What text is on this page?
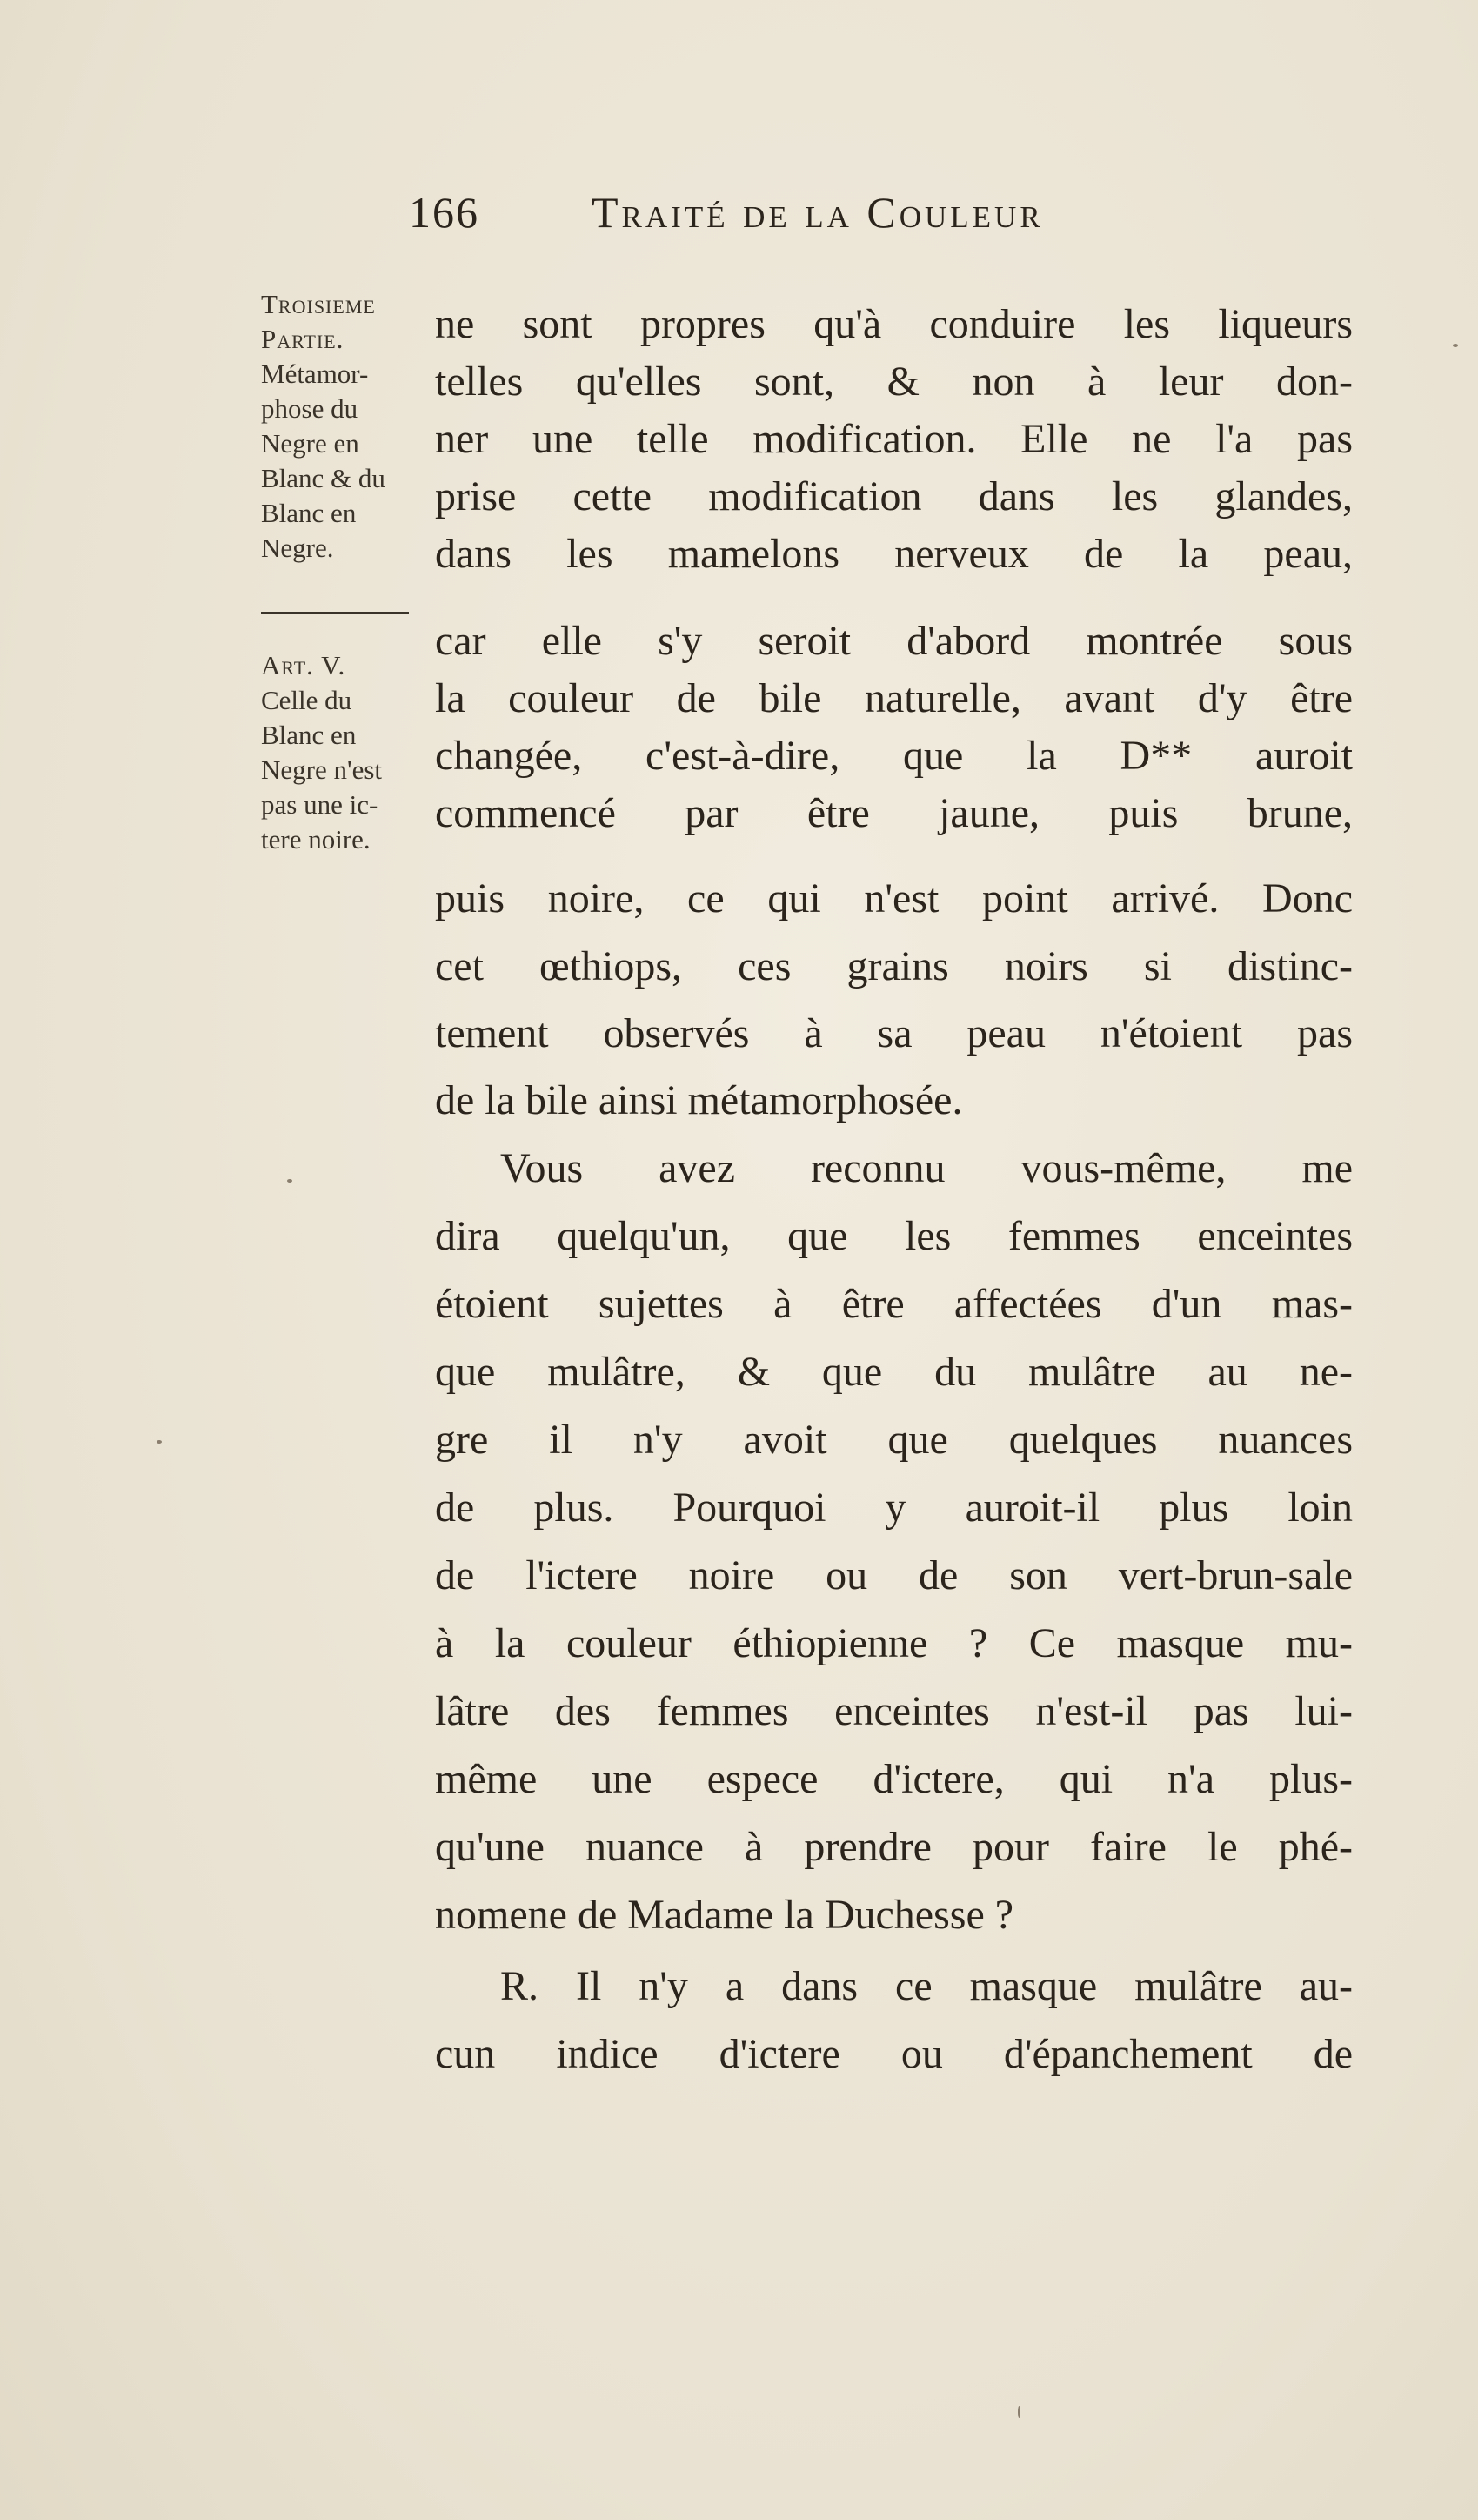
166	Traité de la Couleur
Troisieme
Partie.
Métamor-
phose du
Negre en
Blanc & du
Blanc en
Negre.
Art. V.
Celle du
Blanc en
Negre n'est
pas une ic-
tere noire.
ne sont propres qu'à conduire les liqueurs
telles qu'elles sont, & non à leur don-
ner une telle modification. Elle ne l'a pas
prise cette modification dans les glandes,
dans les mamelons nerveux de la peau,
car elle s'y seroit d'abord montrée sous
la couleur de bile naturelle, avant d'y être
changée, c'est-à-dire, que la D** auroit
commencé par être jaune, puis brune,
puis noire, ce qui n'est point arrivé. Donc
cet œthiops, ces grains noirs si distinc-
tement observés à sa peau n'étoient pas
de la bile ainsi métamorphosée.
Vous avez reconnu vous-même, me
dira quelqu'un, que les femmes enceintes
étoient sujettes à être affectées d'un mas-
que mulâtre, & que du mulâtre au ne-
gre il n'y avoit que quelques nuances
de plus. Pourquoi y auroit-il plus loin
de l'ictere noire ou de son vert-brun-sale
à la couleur éthiopienne ? Ce masque mu-
lâtre des femmes enceintes n'est-il pas lui-
même une espece d'ictere, qui n'a plus-
qu'une nuance à prendre pour faire le phé-
nomene de Madame la Duchesse ?
R. Il n'y a dans ce masque mulâtre au-
cun indice d'ictere ou d'épanchement de
